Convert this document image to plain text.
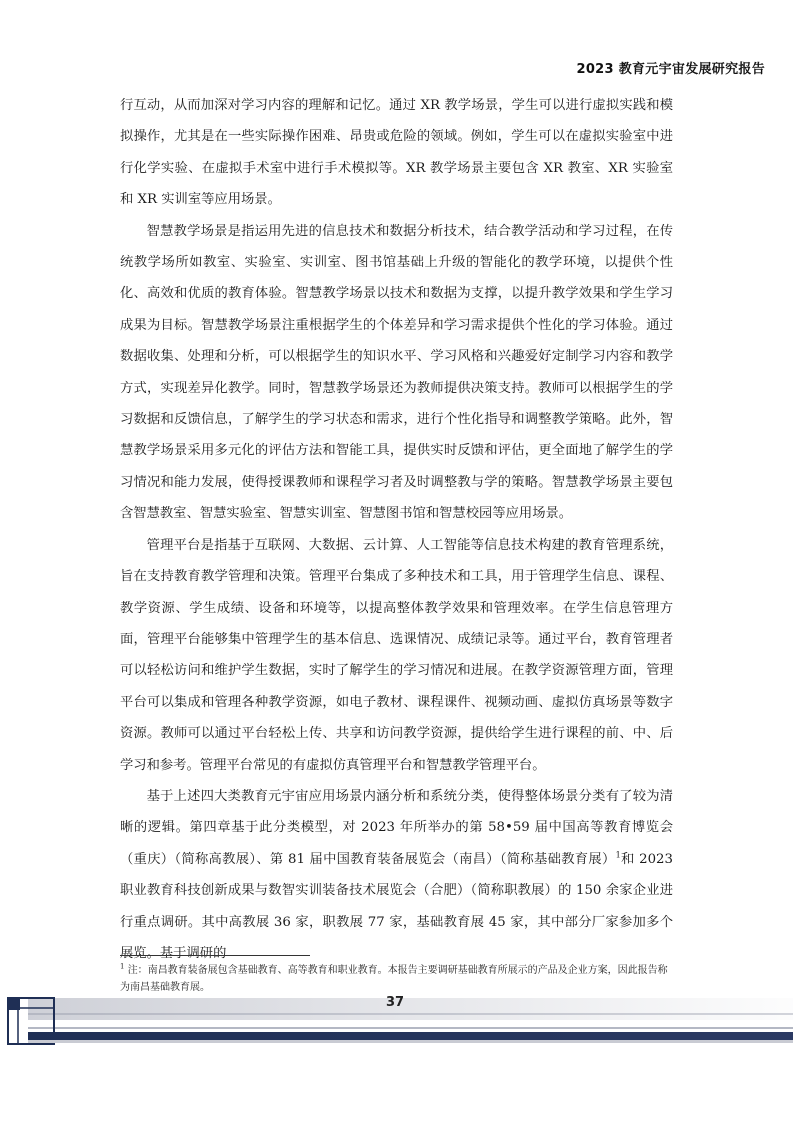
2023 教育元宇宙发展研究报告

行互动，从而加深对学习内容的理解和记忆。通过 XR 教学场景，学生可以进行虚拟实践和模拟操作，尤其是在一些实际操作困难、昂贵或危险的领域。例如，学生可以在虚拟实验室中进行化学实验、在虚拟手术室中进行手术模拟等。XR 教学场景主要包含 XR 教室、XR 实验室和 XR 实训室等应用场景。

智慧教学场景是指运用先进的信息技术和数据分析技术，结合教学活动和学习过程，在传统教学场所如教室、实验室、实训室、图书馆基础上升级的智能化的教学环境，以提供个性化、高效和优质的教育体验。智慧教学场景以技术和数据为支撑，以提升教学效果和学生学习成果为目标。智慧教学场景注重根据学生的个体差异和学习需求提供个性化的学习体验。通过数据收集、处理和分析，可以根据学生的知识水平、学习风格和兴趣爱好定制学习内容和教学方式，实现差异化教学。同时，智慧教学场景还为教师提供决策支持。教师可以根据学生的学习数据和反馈信息，了解学生的学习状态和需求，进行个性化指导和调整教学策略。此外，智慧教学场景采用多元化的评估方法和智能工具，提供实时反馈和评估，更全面地了解学生的学习情况和能力发展，使得授课教师和课程学习者及时调整教与学的策略。智慧教学场景主要包含智慧教室、智慧实验室、智慧实训室、智慧图书馆和智慧校园等应用场景。

管理平台是指基于互联网、大数据、云计算、人工智能等信息技术构建的教育管理系统，旨在支持教育教学管理和决策。管理平台集成了多种技术和工具，用于管理学生信息、课程、教学资源、学生成绩、设备和环境等，以提高整体教学效果和管理效率。在学生信息管理方面，管理平台能够集中管理学生的基本信息、选课情况、成绩记录等。通过平台，教育管理者可以轻松访问和维护学生数据，实时了解学生的学习情况和进展。在教学资源管理方面，管理平台可以集成和管理各种教学资源，如电子教材、课程课件、视频动画、虚拟仿真场景等数字资源。教师可以通过平台轻松上传、共享和访问教学资源，提供给学生进行课程的前、中、后学习和参考。管理平台常见的有虚拟仿真管理平台和智慧教学管理平台。

基于上述四大类教育元宇宙应用场景内涵分析和系统分类，使得整体场景分类有了较为清晰的逻辑。第四章基于此分类模型，对 2023 年所举办的第 58•59 届中国高等教育博览会（重庆）（简称高教展）、第 81 届中国教育装备展览会（南昌）（简称基础教育展）$^1$和 2023 职业教育科技创新成果与数智实训装备技术展览会（合肥）（简称职教展）的 150 余家企业进行重点调研。其中高教展 36 家，职教展 77 家，基础教育展 45 家，其中部分厂家参加多个展览。基于调研的

$^1$ 注：南昌教育装备展包含基础教育、高等教育和职业教育。本报告主要调研基础教育所展示的产品及企业方案，因此报告称为南昌基础教育展。
37
